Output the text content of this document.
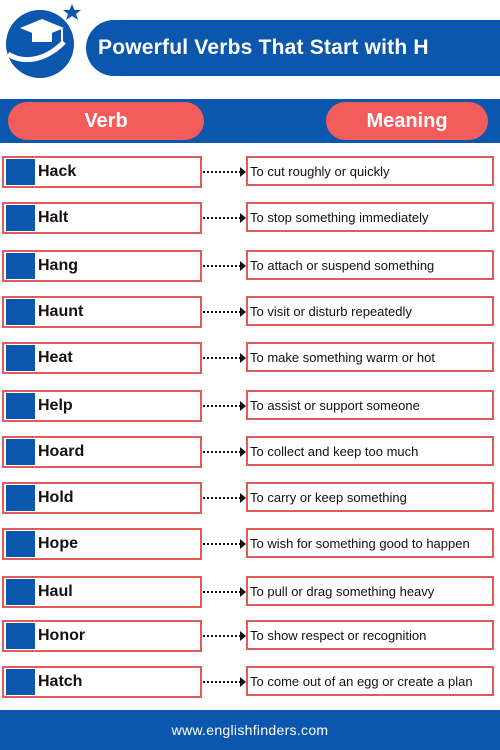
Powerful Verbs That Start with H
Verb	Meaning
Hack	To cut roughly or quickly
Halt	To stop something immediately
Hang	To attach or suspend something
Haunt	To visit or disturb repeatedly
Heat	To make something warm or hot
Help	To assist or support someone
Hoard	To collect and keep too much
Hold	To carry or keep something
Hope	To wish for something good to happen
Haul	To pull or drag something heavy
Honor	To show respect or recognition
Hatch	To come out of an egg or create a plan
www.englishfinders.com
